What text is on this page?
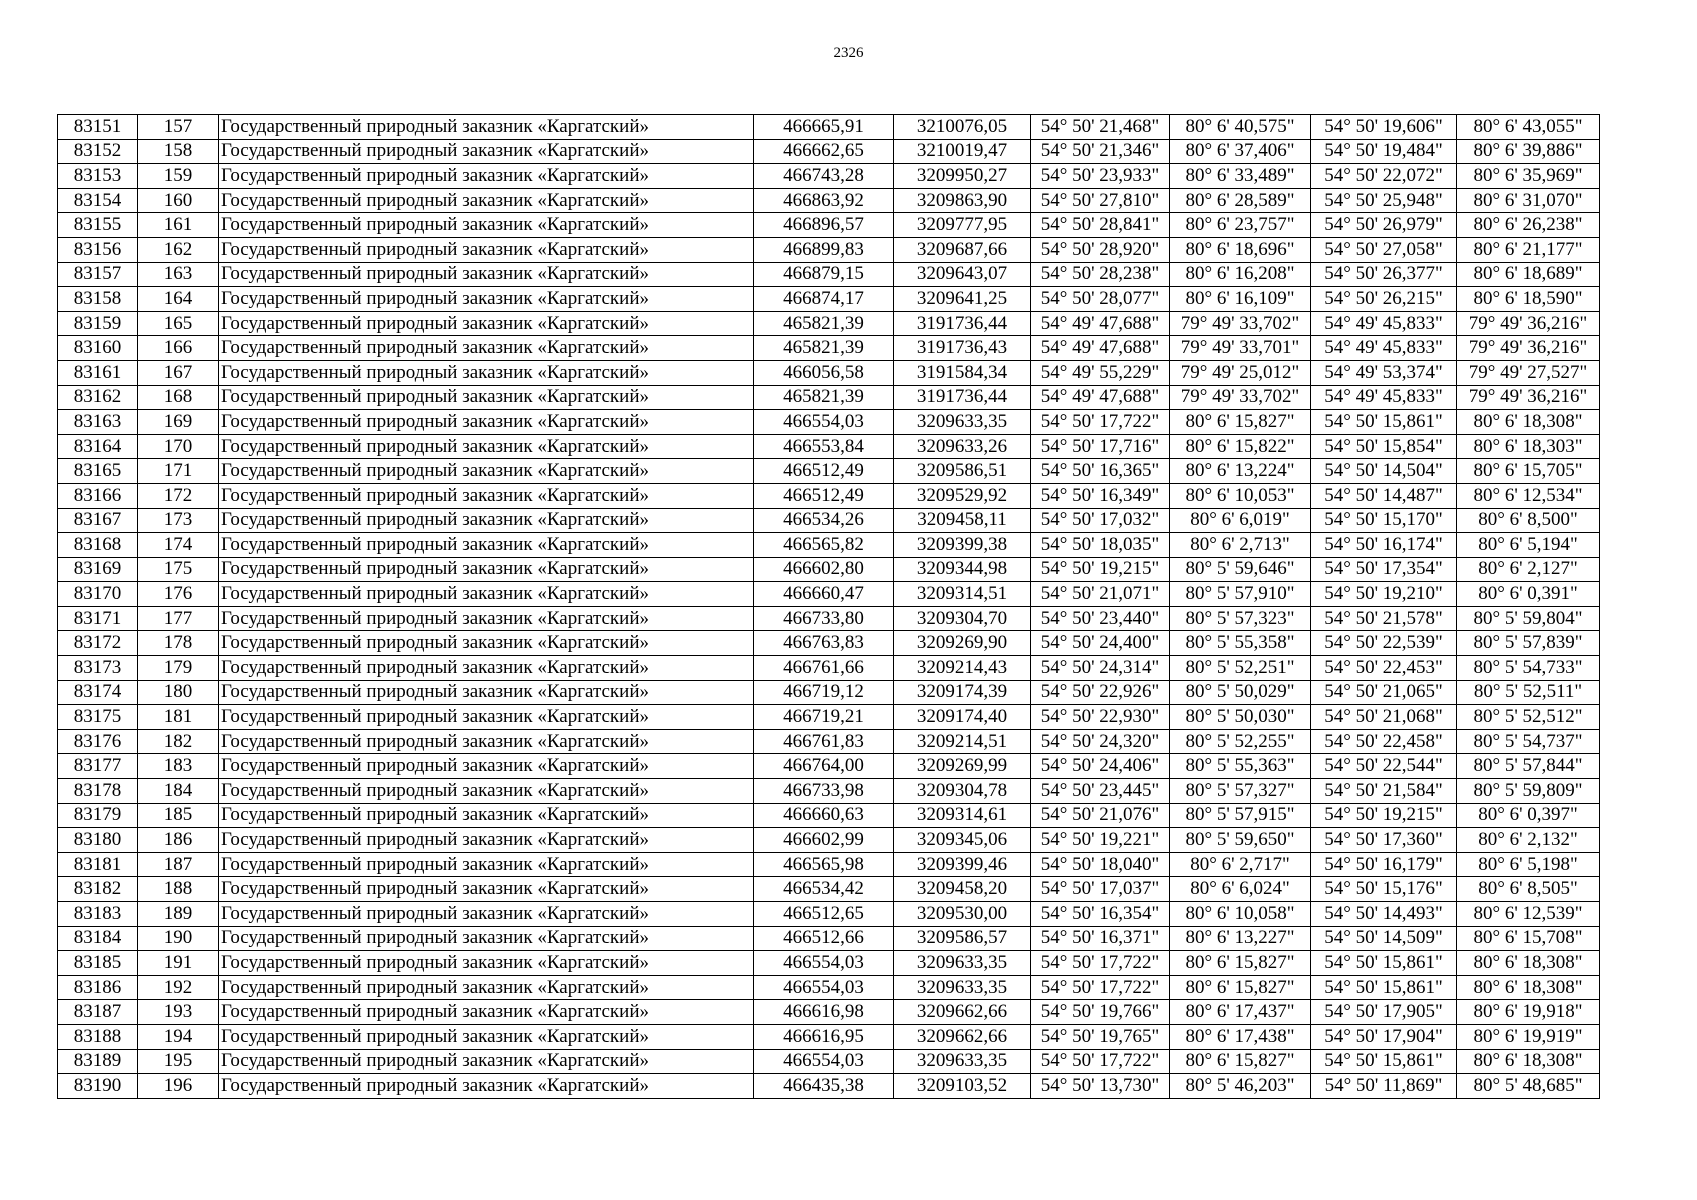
2326
83151	157	Государственный природный заказник «Каргатский»	466665,91	3210076,05	54° 50' 21,468"	80° 6' 40,575"	54° 50' 19,606"	80° 6' 43,055"
83152	158	Государственный природный заказник «Каргатский»	466662,65	3210019,47	54° 50' 21,346"	80° 6' 37,406"	54° 50' 19,484"	80° 6' 39,886"
83153	159	Государственный природный заказник «Каргатский»	466743,28	3209950,27	54° 50' 23,933"	80° 6' 33,489"	54° 50' 22,072"	80° 6' 35,969"
83154	160	Государственный природный заказник «Каргатский»	466863,92	3209863,90	54° 50' 27,810"	80° 6' 28,589"	54° 50' 25,948"	80° 6' 31,070"
83155	161	Государственный природный заказник «Каргатский»	466896,57	3209777,95	54° 50' 28,841"	80° 6' 23,757"	54° 50' 26,979"	80° 6' 26,238"
83156	162	Государственный природный заказник «Каргатский»	466899,83	3209687,66	54° 50' 28,920"	80° 6' 18,696"	54° 50' 27,058"	80° 6' 21,177"
83157	163	Государственный природный заказник «Каргатский»	466879,15	3209643,07	54° 50' 28,238"	80° 6' 16,208"	54° 50' 26,377"	80° 6' 18,689"
83158	164	Государственный природный заказник «Каргатский»	466874,17	3209641,25	54° 50' 28,077"	80° 6' 16,109"	54° 50' 26,215"	80° 6' 18,590"
83159	165	Государственный природный заказник «Каргатский»	465821,39	3191736,44	54° 49' 47,688"	79° 49' 33,702"	54° 49' 45,833"	79° 49' 36,216"
83160	166	Государственный природный заказник «Каргатский»	465821,39	3191736,43	54° 49' 47,688"	79° 49' 33,701"	54° 49' 45,833"	79° 49' 36,216"
83161	167	Государственный природный заказник «Каргатский»	466056,58	3191584,34	54° 49' 55,229"	79° 49' 25,012"	54° 49' 53,374"	79° 49' 27,527"
83162	168	Государственный природный заказник «Каргатский»	465821,39	3191736,44	54° 49' 47,688"	79° 49' 33,702"	54° 49' 45,833"	79° 49' 36,216"
83163	169	Государственный природный заказник «Каргатский»	466554,03	3209633,35	54° 50' 17,722"	80° 6' 15,827"	54° 50' 15,861"	80° 6' 18,308"
83164	170	Государственный природный заказник «Каргатский»	466553,84	3209633,26	54° 50' 17,716"	80° 6' 15,822"	54° 50' 15,854"	80° 6' 18,303"
83165	171	Государственный природный заказник «Каргатский»	466512,49	3209586,51	54° 50' 16,365"	80° 6' 13,224"	54° 50' 14,504"	80° 6' 15,705"
83166	172	Государственный природный заказник «Каргатский»	466512,49	3209529,92	54° 50' 16,349"	80° 6' 10,053"	54° 50' 14,487"	80° 6' 12,534"
83167	173	Государственный природный заказник «Каргатский»	466534,26	3209458,11	54° 50' 17,032"	80° 6' 6,019"	54° 50' 15,170"	80° 6' 8,500"
83168	174	Государственный природный заказник «Каргатский»	466565,82	3209399,38	54° 50' 18,035"	80° 6' 2,713"	54° 50' 16,174"	80° 6' 5,194"
83169	175	Государственный природный заказник «Каргатский»	466602,80	3209344,98	54° 50' 19,215"	80° 5' 59,646"	54° 50' 17,354"	80° 6' 2,127"
83170	176	Государственный природный заказник «Каргатский»	466660,47	3209314,51	54° 50' 21,071"	80° 5' 57,910"	54° 50' 19,210"	80° 6' 0,391"
83171	177	Государственный природный заказник «Каргатский»	466733,80	3209304,70	54° 50' 23,440"	80° 5' 57,323"	54° 50' 21,578"	80° 5' 59,804"
83172	178	Государственный природный заказник «Каргатский»	466763,83	3209269,90	54° 50' 24,400"	80° 5' 55,358"	54° 50' 22,539"	80° 5' 57,839"
83173	179	Государственный природный заказник «Каргатский»	466761,66	3209214,43	54° 50' 24,314"	80° 5' 52,251"	54° 50' 22,453"	80° 5' 54,733"
83174	180	Государственный природный заказник «Каргатский»	466719,12	3209174,39	54° 50' 22,926"	80° 5' 50,029"	54° 50' 21,065"	80° 5' 52,511"
83175	181	Государственный природный заказник «Каргатский»	466719,21	3209174,40	54° 50' 22,930"	80° 5' 50,030"	54° 50' 21,068"	80° 5' 52,512"
83176	182	Государственный природный заказник «Каргатский»	466761,83	3209214,51	54° 50' 24,320"	80° 5' 52,255"	54° 50' 22,458"	80° 5' 54,737"
83177	183	Государственный природный заказник «Каргатский»	466764,00	3209269,99	54° 50' 24,406"	80° 5' 55,363"	54° 50' 22,544"	80° 5' 57,844"
83178	184	Государственный природный заказник «Каргатский»	466733,98	3209304,78	54° 50' 23,445"	80° 5' 57,327"	54° 50' 21,584"	80° 5' 59,809"
83179	185	Государственный природный заказник «Каргатский»	466660,63	3209314,61	54° 50' 21,076"	80° 5' 57,915"	54° 50' 19,215"	80° 6' 0,397"
83180	186	Государственный природный заказник «Каргатский»	466602,99	3209345,06	54° 50' 19,221"	80° 5' 59,650"	54° 50' 17,360"	80° 6' 2,132"
83181	187	Государственный природный заказник «Каргатский»	466565,98	3209399,46	54° 50' 18,040"	80° 6' 2,717"	54° 50' 16,179"	80° 6' 5,198"
83182	188	Государственный природный заказник «Каргатский»	466534,42	3209458,20	54° 50' 17,037"	80° 6' 6,024"	54° 50' 15,176"	80° 6' 8,505"
83183	189	Государственный природный заказник «Каргатский»	466512,65	3209530,00	54° 50' 16,354"	80° 6' 10,058"	54° 50' 14,493"	80° 6' 12,539"
83184	190	Государственный природный заказник «Каргатский»	466512,66	3209586,57	54° 50' 16,371"	80° 6' 13,227"	54° 50' 14,509"	80° 6' 15,708"
83185	191	Государственный природный заказник «Каргатский»	466554,03	3209633,35	54° 50' 17,722"	80° 6' 15,827"	54° 50' 15,861"	80° 6' 18,308"
83186	192	Государственный природный заказник «Каргатский»	466554,03	3209633,35	54° 50' 17,722"	80° 6' 15,827"	54° 50' 15,861"	80° 6' 18,308"
83187	193	Государственный природный заказник «Каргатский»	466616,98	3209662,66	54° 50' 19,766"	80° 6' 17,437"	54° 50' 17,905"	80° 6' 19,918"
83188	194	Государственный природный заказник «Каргатский»	466616,95	3209662,66	54° 50' 19,765"	80° 6' 17,438"	54° 50' 17,904"	80° 6' 19,919"
83189	195	Государственный природный заказник «Каргатский»	466554,03	3209633,35	54° 50' 17,722"	80° 6' 15,827"	54° 50' 15,861"	80° 6' 18,308"
83190	196	Государственный природный заказник «Каргатский»	466435,38	3209103,52	54° 50' 13,730"	80° 5' 46,203"	54° 50' 11,869"	80° 5' 48,685"
